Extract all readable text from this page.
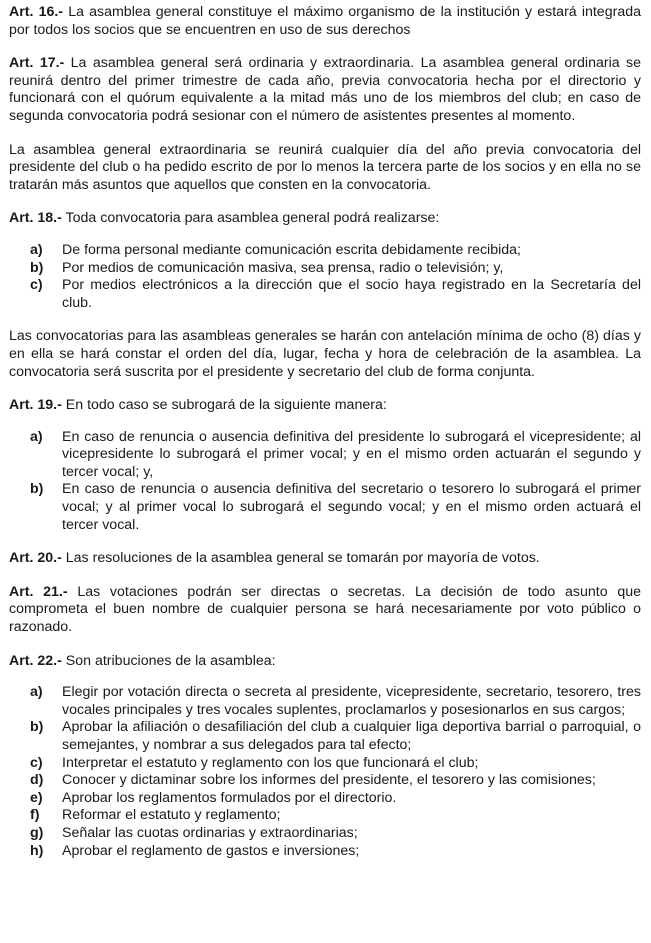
Art. 16.- La asamblea general constituye el máximo organismo de la institución y estará integrada por todos los socios que se encuentren en uso de sus derechos

Art. 17.- La asamblea general será ordinaria y extraordinaria. La asamblea general ordinaria se reunirá dentro del primer trimestre de cada año, previa convocatoria hecha por el directorio y funcionará con el quórum equivalente a la mitad más uno de los miembros del club; en caso de segunda convocatoria podrá sesionar con el número de asistentes presentes al momento.

La asamblea general extraordinaria se reunirá cualquier día del año previa convocatoria del presidente del club o ha pedido escrito de por lo menos la tercera parte de los socios y en ella no se tratarán más asuntos que aquellos que consten en la convocatoria.

Art. 18.- Toda convocatoria para asamblea general podrá realizarse:

a) De forma personal mediante comunicación escrita debidamente recibida;
b) Por medios de comunicación masiva, sea prensa, radio o televisión; y,
c) Por medios electrónicos a la dirección que el socio haya registrado en la Secretaría del club.

Las convocatorias para las asambleas generales se harán con antelación mínima de ocho (8) días y en ella se hará constar el orden del día, lugar, fecha y hora de celebración de la asamblea. La convocatoria será suscrita por el presidente y secretario del club de forma conjunta.

Art. 19.- En todo caso se subrogará de la siguiente manera:

a) En caso de renuncia o ausencia definitiva del presidente lo subrogará el vicepresidente; al vicepresidente lo subrogará el primer vocal; y en el mismo orden actuarán el segundo y tercer vocal; y,
b) En caso de renuncia o ausencia definitiva del secretario o tesorero lo subrogará el primer vocal; y al primer vocal lo subrogará el segundo vocal; y en el mismo orden actuará el tercer vocal.

Art. 20.- Las resoluciones de la asamblea general se tomarán por mayoría de votos.

Art. 21.- Las votaciones podrán ser directas o secretas. La decisión de todo asunto que comprometa el buen nombre de cualquier persona se hará necesariamente por voto público o razonado.

Art. 22.- Son atribuciones de la asamblea:

a) Elegir por votación directa o secreta al presidente, vicepresidente, secretario, tesorero, tres vocales principales y tres vocales suplentes, proclamarlos y posesionarlos en sus cargos;
b) Aprobar la afiliación o desafiliación del club a cualquier liga deportiva barrial o parroquial, o semejantes, y nombrar a sus delegados para tal efecto;
c) Interpretar el estatuto y reglamento con los que funcionará el club;
d) Conocer y dictaminar sobre los informes del presidente, el tesorero y las comisiones;
e) Aprobar los reglamentos formulados por el directorio.
f) Reformar el estatuto y reglamento;
g) Señalar las cuotas ordinarias y extraordinarias;
h) Aprobar el reglamento de gastos e inversiones;
